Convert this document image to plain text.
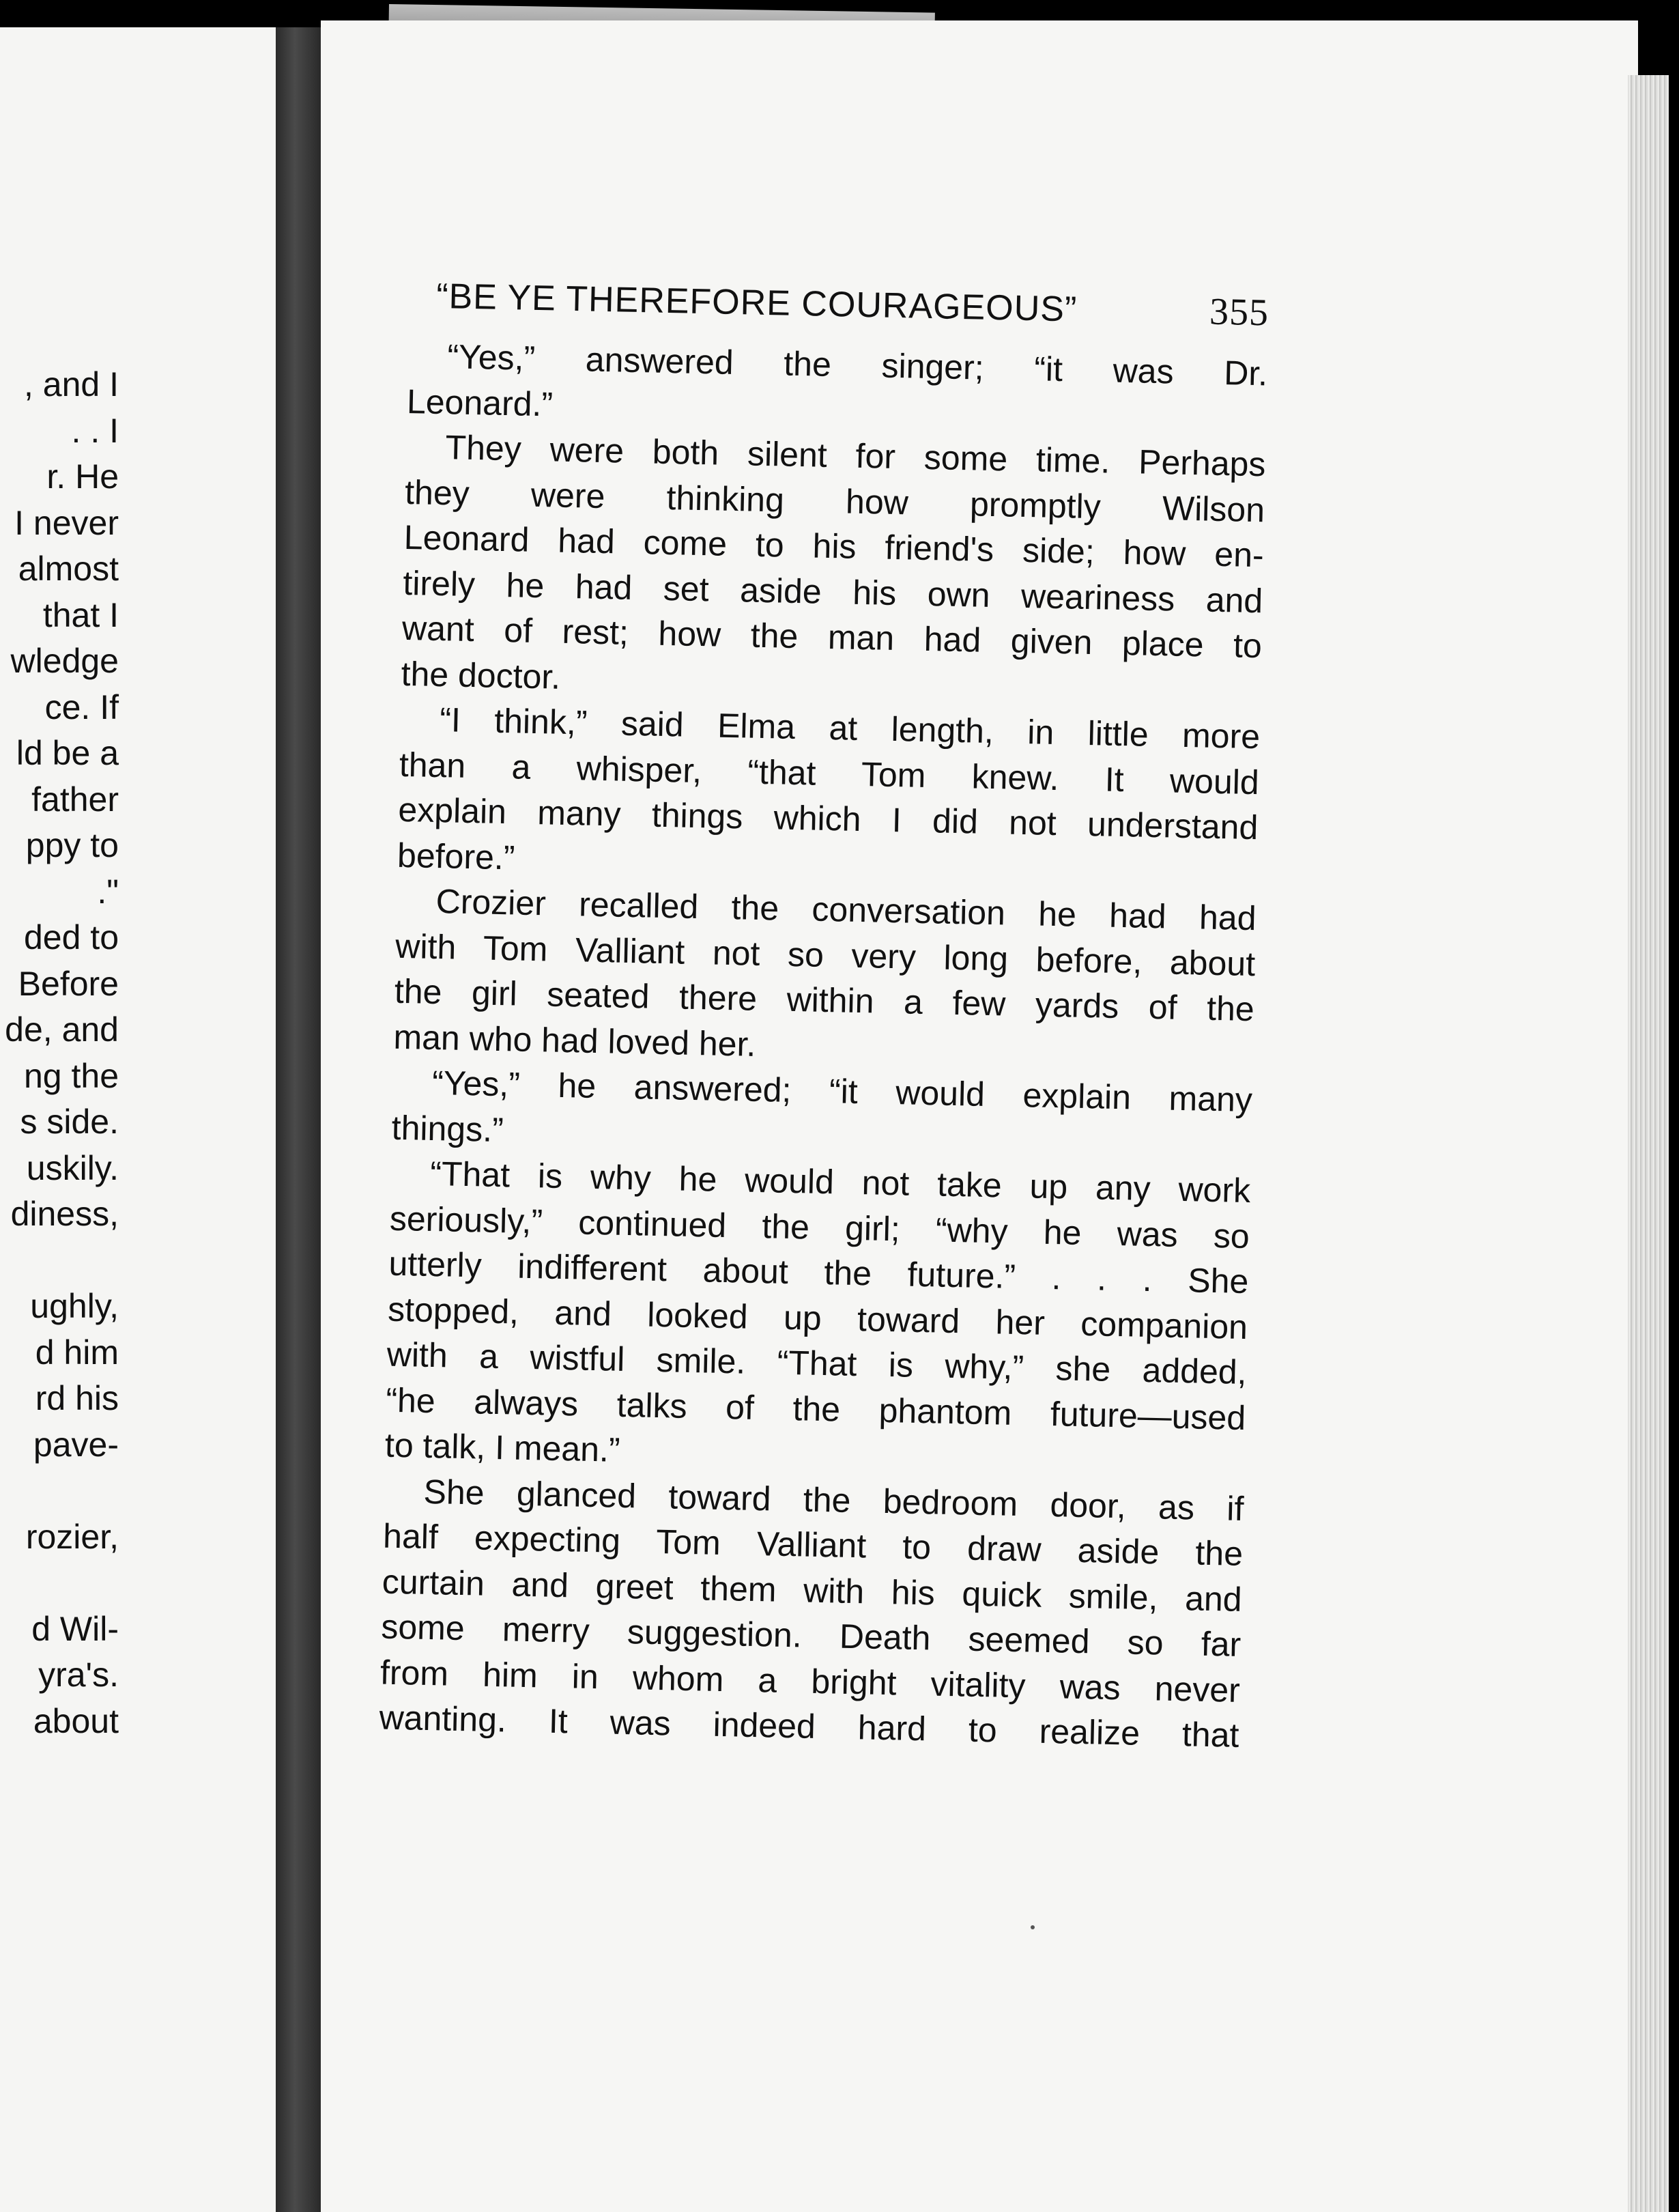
, and I
. . I
r. He
I never
almost
that I
wledge
ce. If
ld be a
father
ppy to
."
ded to
Before
de, and
ng the
s side.
uskily.
diness,
ughly,
d him
rd his
pave-
rozier,
d Wil-
yra's.
about
“BE YE THEREFORE COURAGEOUS”	355
“Yes,” answered the singer; “it was Dr.
Leonard.”
They were both silent for some time. Perhaps
they were thinking how promptly Wilson
Leonard had come to his friend's side; how en-
tirely he had set aside his own weariness and
want of rest; how the man had given place to
the doctor.
“I think,” said Elma at length, in little more
than a whisper, “that Tom knew. It would
explain many things which I did not understand
before.”
Crozier recalled the conversation he had had
with Tom Valliant not so very long before, about
the girl seated there within a few yards of the
man who had loved her.
“Yes,” he answered; “it would explain many
things.”
“That is why he would not take up any work
seriously,” continued the girl; “why he was so
utterly indifferent about the future.” . . . She
stopped, and looked up toward her companion
with a wistful smile. “That is why,” she added,
“he always talks of the phantom future—used
to talk, I mean.”
She glanced toward the bedroom door, as if
half expecting Tom Valliant to draw aside the
curtain and greet them with his quick smile, and
some merry suggestion. Death seemed so far
from him in whom a bright vitality was never
wanting. It was indeed hard to realize that
